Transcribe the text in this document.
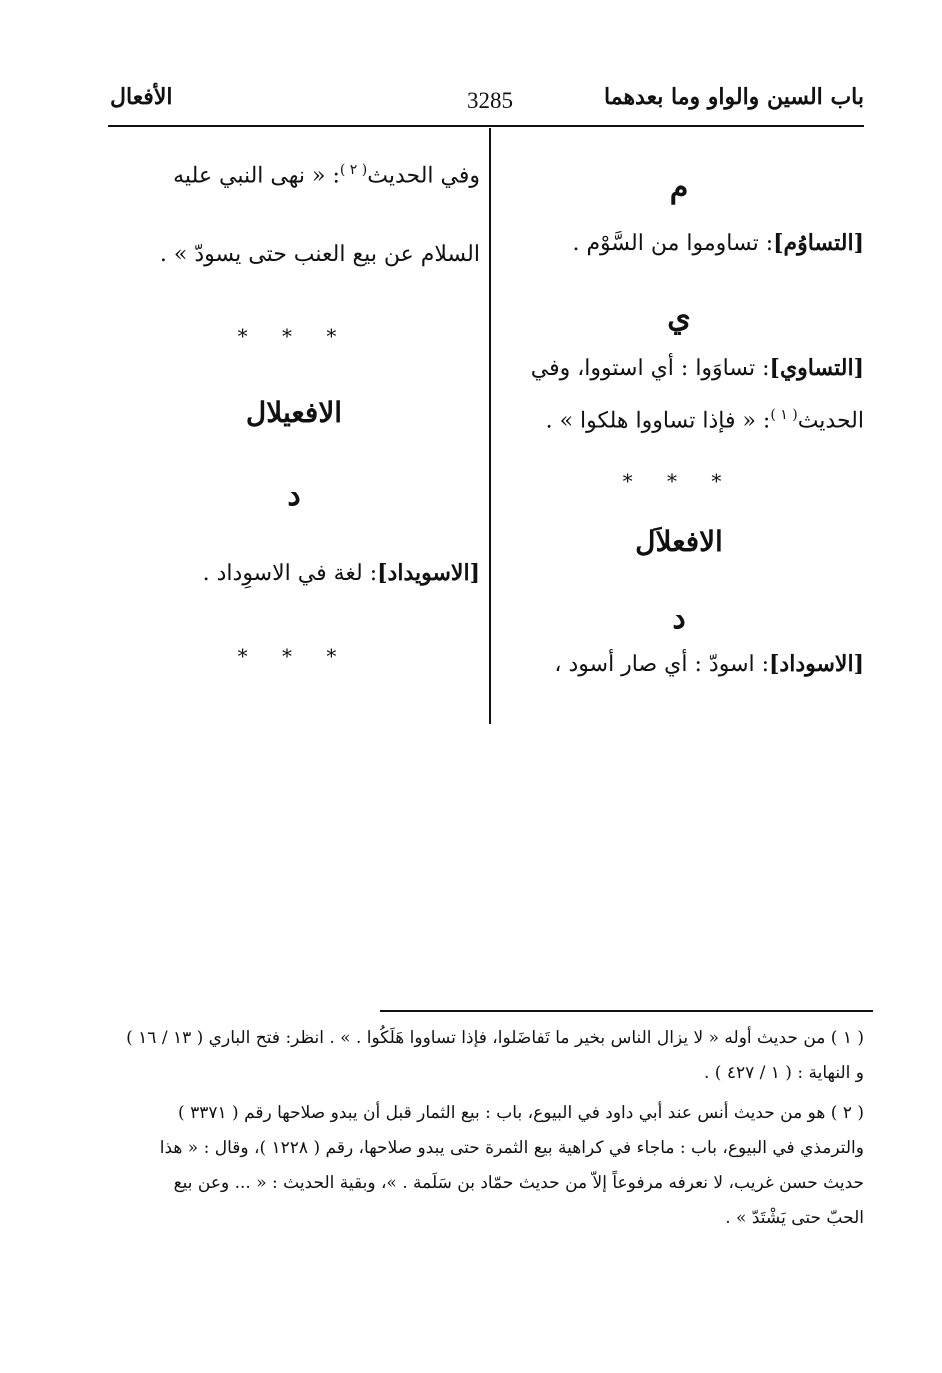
باب السين والواو وما بعدهما
3285
الأفعال
م
[التساوُم]: تساوموا من السَّوْم .
ي
[التساوي]: تساوَوا : أي استووا، وفي
الحديث$^{( ١ )}$: « فإذا تساووا هلكوا » .
* * *
الافعلاَل
د
[الاسوداد]: اسودّ : أي صار أسود ،
وفي الحديث$^{( ٢ )}$: « نهى النبي عليه
السلام عن بيع العنب حتى يسودّ » .
* * *
الافعيلال
د
[الاسويداد]: لغة في الاسوِداد .
* * *
( ١ ) من حديث أوله « لا يزال الناس بخير ما تَفاضَلوا، فإذا تساووا هَلَكُوا . » . انظر: فتح الباري ( ١٣ / ١٦ )
و النهاية : ( ١ / ٤٢٧ ) .
( ٢ ) هو من حديث أنس عند أبي داود في البيوع، باب : بيع الثمار قبل أن يبدو صلاحها رقم ( ٣٣٧١ )
والترمذي في البيوع، باب : ماجاء في كراهية بيع الثمرة حتى يبدو صلاحها، رقم ( ١٢٢٨ )، وقال : « هذا
حديث حسن غريب، لا نعرفه مرفوعاً إلاّ من حديث حمّاد بن سَلَمة . »، وبقية الحديث : « ... وعن بيع
الحبّ حتى يَشْتَدّ » .
